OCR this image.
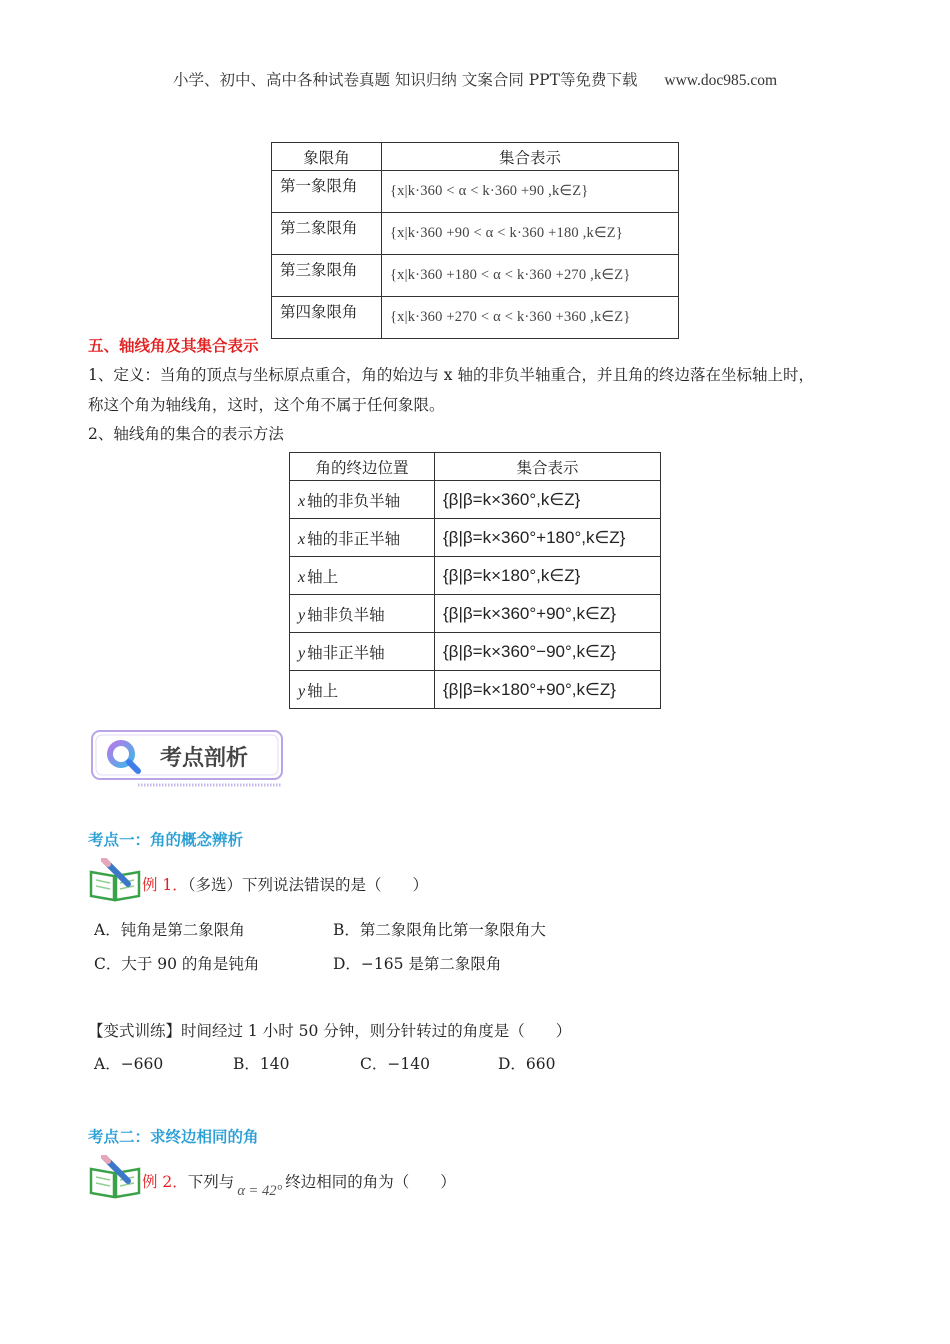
小学、初中、高中各种试卷真题 知识归纳 文案合同 PPT等免费下载 www.doc985.com
象限角	集合表示
第一象限角	{x|k·360 < α < k·360 +90 ,k∈Z}
第二象限角	{x|k·360 +90 < α < k·360 +180 ,k∈Z}
第三象限角	{x|k·360 +180 < α < k·360 +270 ,k∈Z}
第四象限角	{x|k·360 +270 < α < k·360 +360 ,k∈Z}
五、轴线角及其集合表示
1、定义：当角的顶点与坐标原点重合，角的始边与 x 轴的非负半轴重合，并且角的终边落在坐标轴上时，
称这个角为轴线角，这时，这个角不属于任何象限。
2、轴线角的集合的表示方法
角的终边位置	集合表示
x 轴的非负半轴	{β|β=k×360°,k∈Z}
x 轴的非正半轴	{β|β=k×360°+180°,k∈Z}
x 轴上	{β|β=k×180°,k∈Z}
y 轴非负半轴	{β|β=k×360°+90°,k∈Z}
y 轴非正半轴	{β|β=k×360°−90°,k∈Z}
y 轴上	{β|β=k×180°+90°,k∈Z}
考点剖析
考点一：角的概念辨析
例 1．（多选）下列说法错误的是（　　）
A．钝角是第二象限角	B．第二象限角比第一象限角大
C．大于 90 的角是钝角	D．−165 是第二象限角
【变式训练】时间经过 1 小时 50 分钟，则分针转过的角度是（　　）
A．−660	B．140	C．−140	D．660
考点二：求终边相同的角
例 2．下列与 α = 42° 终边相同的角为（　　）
